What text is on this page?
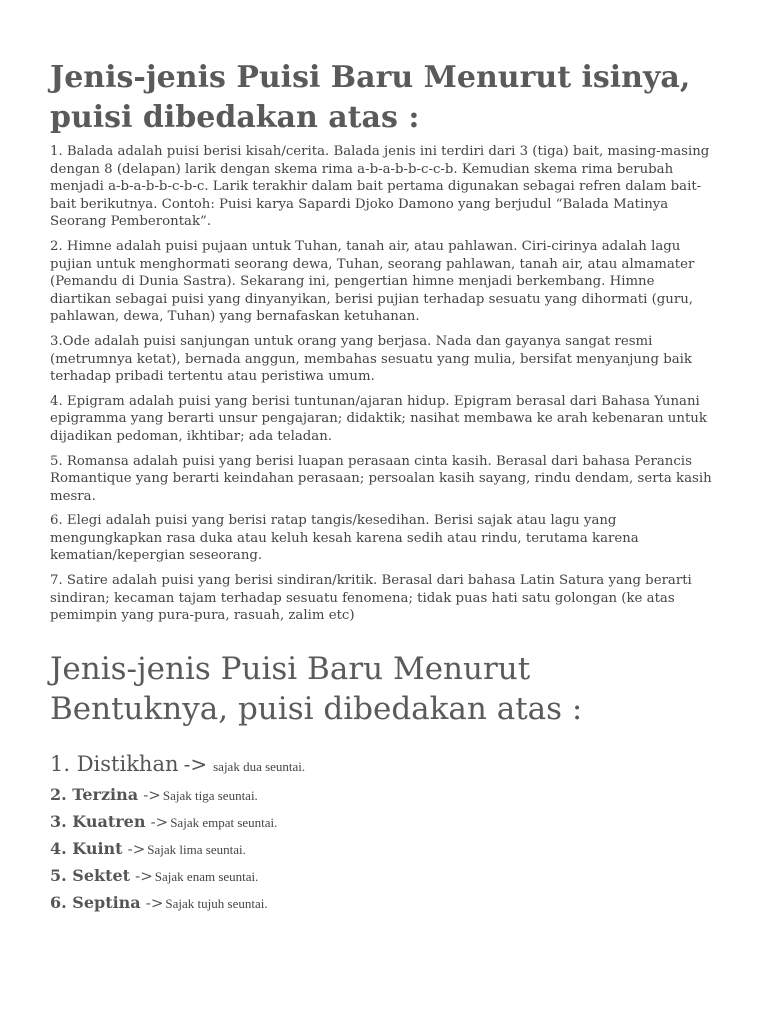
Jenis-jenis Puisi Baru Menurut isinya,
puisi dibedakan atas :

1. Balada adalah puisi berisi kisah/cerita. Balada jenis ini terdiri dari 3 (tiga) bait, masing-masing dengan 8 (delapan) larik dengan skema rima a-b-a-b-b-c-c-b. Kemudian skema rima berubah menjadi a-b-a-b-b-c-b-c. Larik terakhir dalam bait pertama digunakan sebagai refren dalam bait-bait berikutnya. Contoh: Puisi karya Sapardi Djoko Damono yang berjudul “Balada Matinya Seorang Pemberontak”.

2. Himne adalah puisi pujaan untuk Tuhan, tanah air, atau pahlawan. Ciri-cirinya adalah lagu pujian untuk menghormati seorang dewa, Tuhan, seorang pahlawan, tanah air, atau almamater (Pemandu di Dunia Sastra). Sekarang ini, pengertian himne menjadi berkembang. Himne diartikan sebagai puisi yang dinyanyikan, berisi pujian terhadap sesuatu yang dihormati (guru, pahlawan, dewa, Tuhan) yang bernafaskan ketuhanan.

3.Ode adalah puisi sanjungan untuk orang yang berjasa. Nada dan gayanya sangat resmi (metrumnya ketat), bernada anggun, membahas sesuatu yang mulia, bersifat menyanjung baik terhadap pribadi tertentu atau peristiwa umum.

4. Epigram adalah puisi yang berisi tuntunan/ajaran hidup. Epigram berasal dari Bahasa Yunani epigramma yang berarti unsur pengajaran; didaktik; nasihat membawa ke arah kebenaran untuk dijadikan pedoman, ikhtibar; ada teladan.

5. Romansa adalah puisi yang berisi luapan perasaan cinta kasih. Berasal dari bahasa Perancis Romantique yang berarti keindahan perasaan; persoalan kasih sayang, rindu dendam, serta kasih mesra.

6. Elegi adalah puisi yang berisi ratap tangis/kesedihan. Berisi sajak atau lagu yang mengungkapkan rasa duka atau keluh kesah karena sedih atau rindu, terutama karena kematian/kepergian seseorang.

7. Satire adalah puisi yang berisi sindiran/kritik. Berasal dari bahasa Latin Satura yang berarti sindiran; kecaman tajam terhadap sesuatu fenomena; tidak puas hati satu golongan (ke atas pemimpin yang pura-pura, rasuah, zalim etc)

Jenis-jenis Puisi Baru Menurut
Bentuknya, puisi dibedakan atas :
1. Distikhan
-> sajak dua seuntai.
2. Terzina
-> Sajak tiga seuntai.
3. Kuatren
-> Sajak empat seuntai.
4. Kuint
-> Sajak lima seuntai.
5. Sektet
-> Sajak enam seuntai.
6. Septina
-> Sajak tujuh seuntai.
